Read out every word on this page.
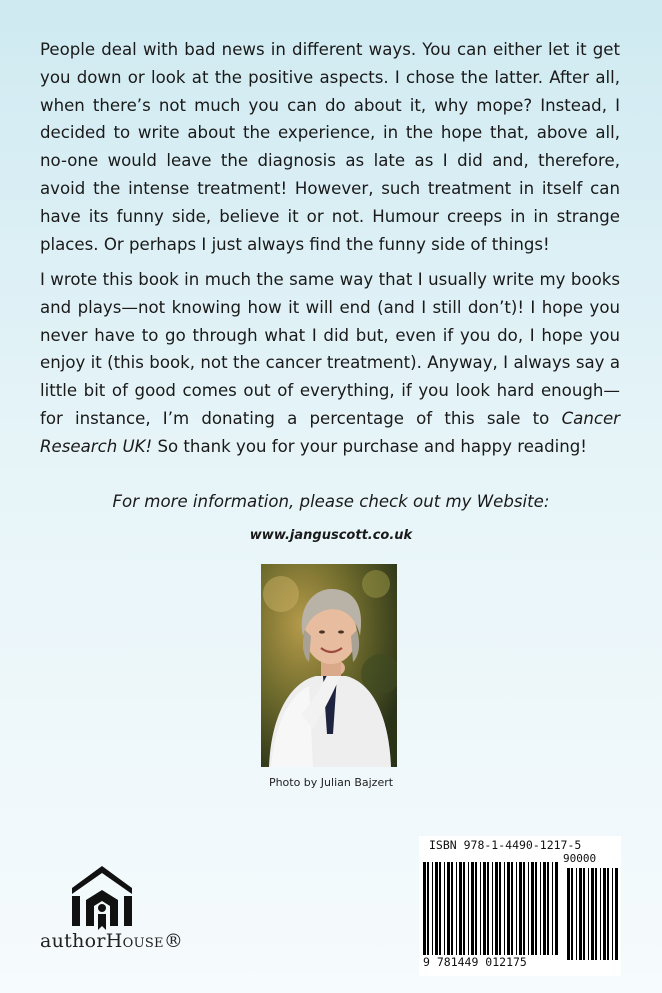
People deal with bad news in different ways. You can either let it get you down or look at the positive aspects. I chose the latter. After all, when there’s not much you can do about it, why mope? Instead, I decided to write about the experience, in the hope that, above all, no-one would leave the diagnosis as late as I did and, therefore, avoid the intense treatment! However, such treatment in itself can have its funny side, believe it or not. Humour creeps in in strange places. Or perhaps I just always find the funny side of things!

I wrote this book in much the same way that I usually write my books and plays—not knowing how it will end (and I still don’t)! I hope you never have to go through what I did but, even if you do, I hope you enjoy it (this book, not the cancer treatment). Anyway, I always say a little bit of good comes out of everything, if you look hard enough—for instance, I’m donating a percentage of this sale to Cancer Research UK! So thank you for your purchase and happy reading!

For more information, please check out my Website:

www.janguscott.co.uk

Photo by Julian Bajzert

authorHouse®

ISBN 978-1-4490-1217-5

90000

9 781449 012175
